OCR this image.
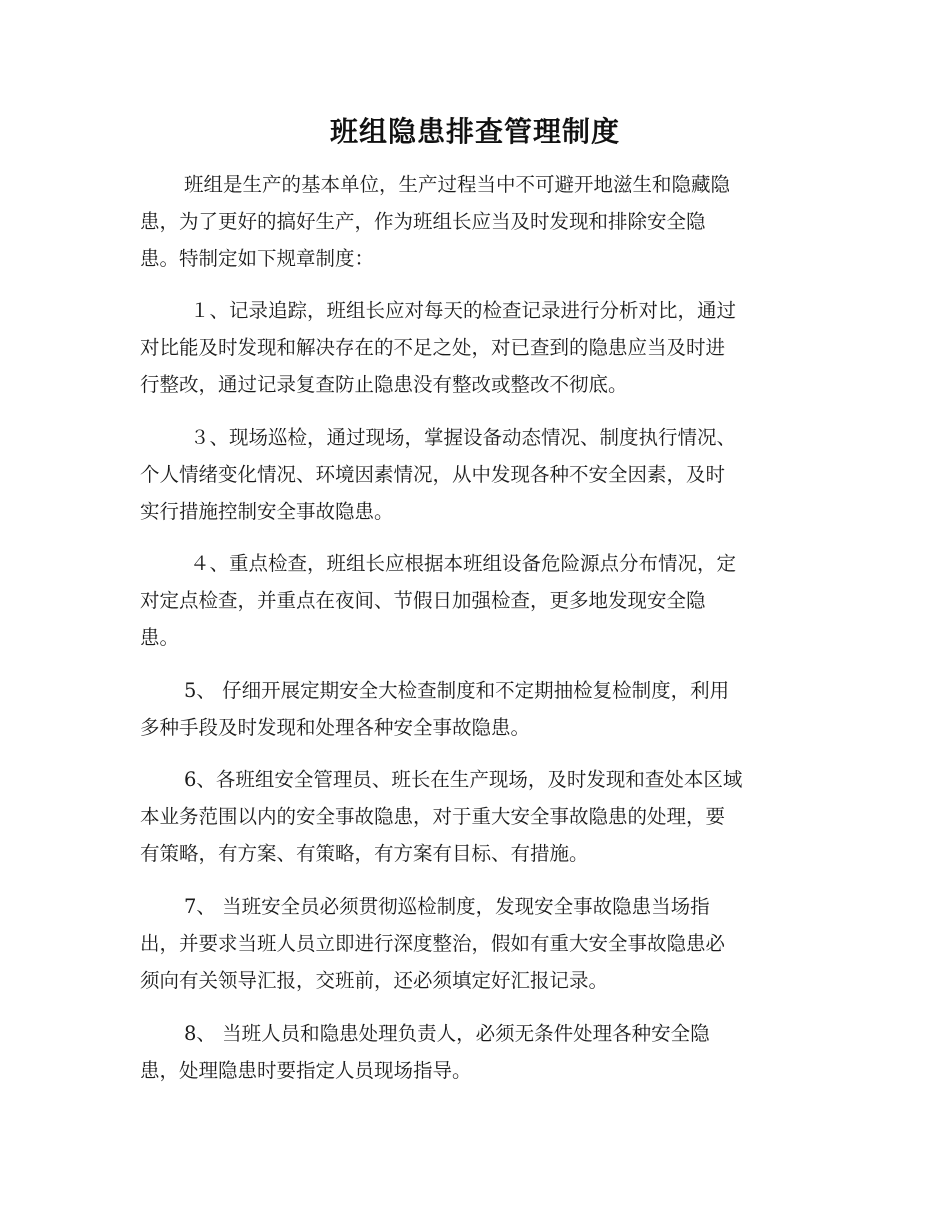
班组隐患排查管理制度
班组是生产的基本单位，生产过程当中不可避开地滋生和隐藏隐
患，为了更好的搞好生产，作为班组长应当及时发现和排除安全隐
患。特制定如下规章制度：
１、记录追踪，班组长应对每天的检查记录进行分析对比，通过
对比能及时发现和解决存在的不足之处，对已查到的隐患应当及时进
行整改，通过记录复查防止隐患没有整改或整改不彻底。
３、现场巡检，通过现场，掌握设备动态情况、制度执行情况、
个人情绪变化情况、环境因素情况，从中发现各种不安全因素，及时
实行措施控制安全事故隐患。
４、重点检查，班组长应根据本班组设备危险源点分布情况，定
对定点检查，并重点在夜间、节假日加强检查，更多地发现安全隐
患。
5、 仔细开展定期安全大检查制度和不定期抽检复检制度，利用
多种手段及时发现和处理各种安全事故隐患。
6、各班组安全管理员、班长在生产现场，及时发现和查处本区域
本业务范围以内的安全事故隐患，对于重大安全事故隐患的处理，要
有策略，有方案、有策略，有方案有目标、有措施。
7、 当班安全员必须贯彻巡检制度，发现安全事故隐患当场指
出，并要求当班人员立即进行深度整治，假如有重大安全事故隐患必
须向有关领导汇报，交班前，还必须填定好汇报记录。
8、 当班人员和隐患处理负责人，必须无条件处理各种安全隐
患，处理隐患时要指定人员现场指导。
